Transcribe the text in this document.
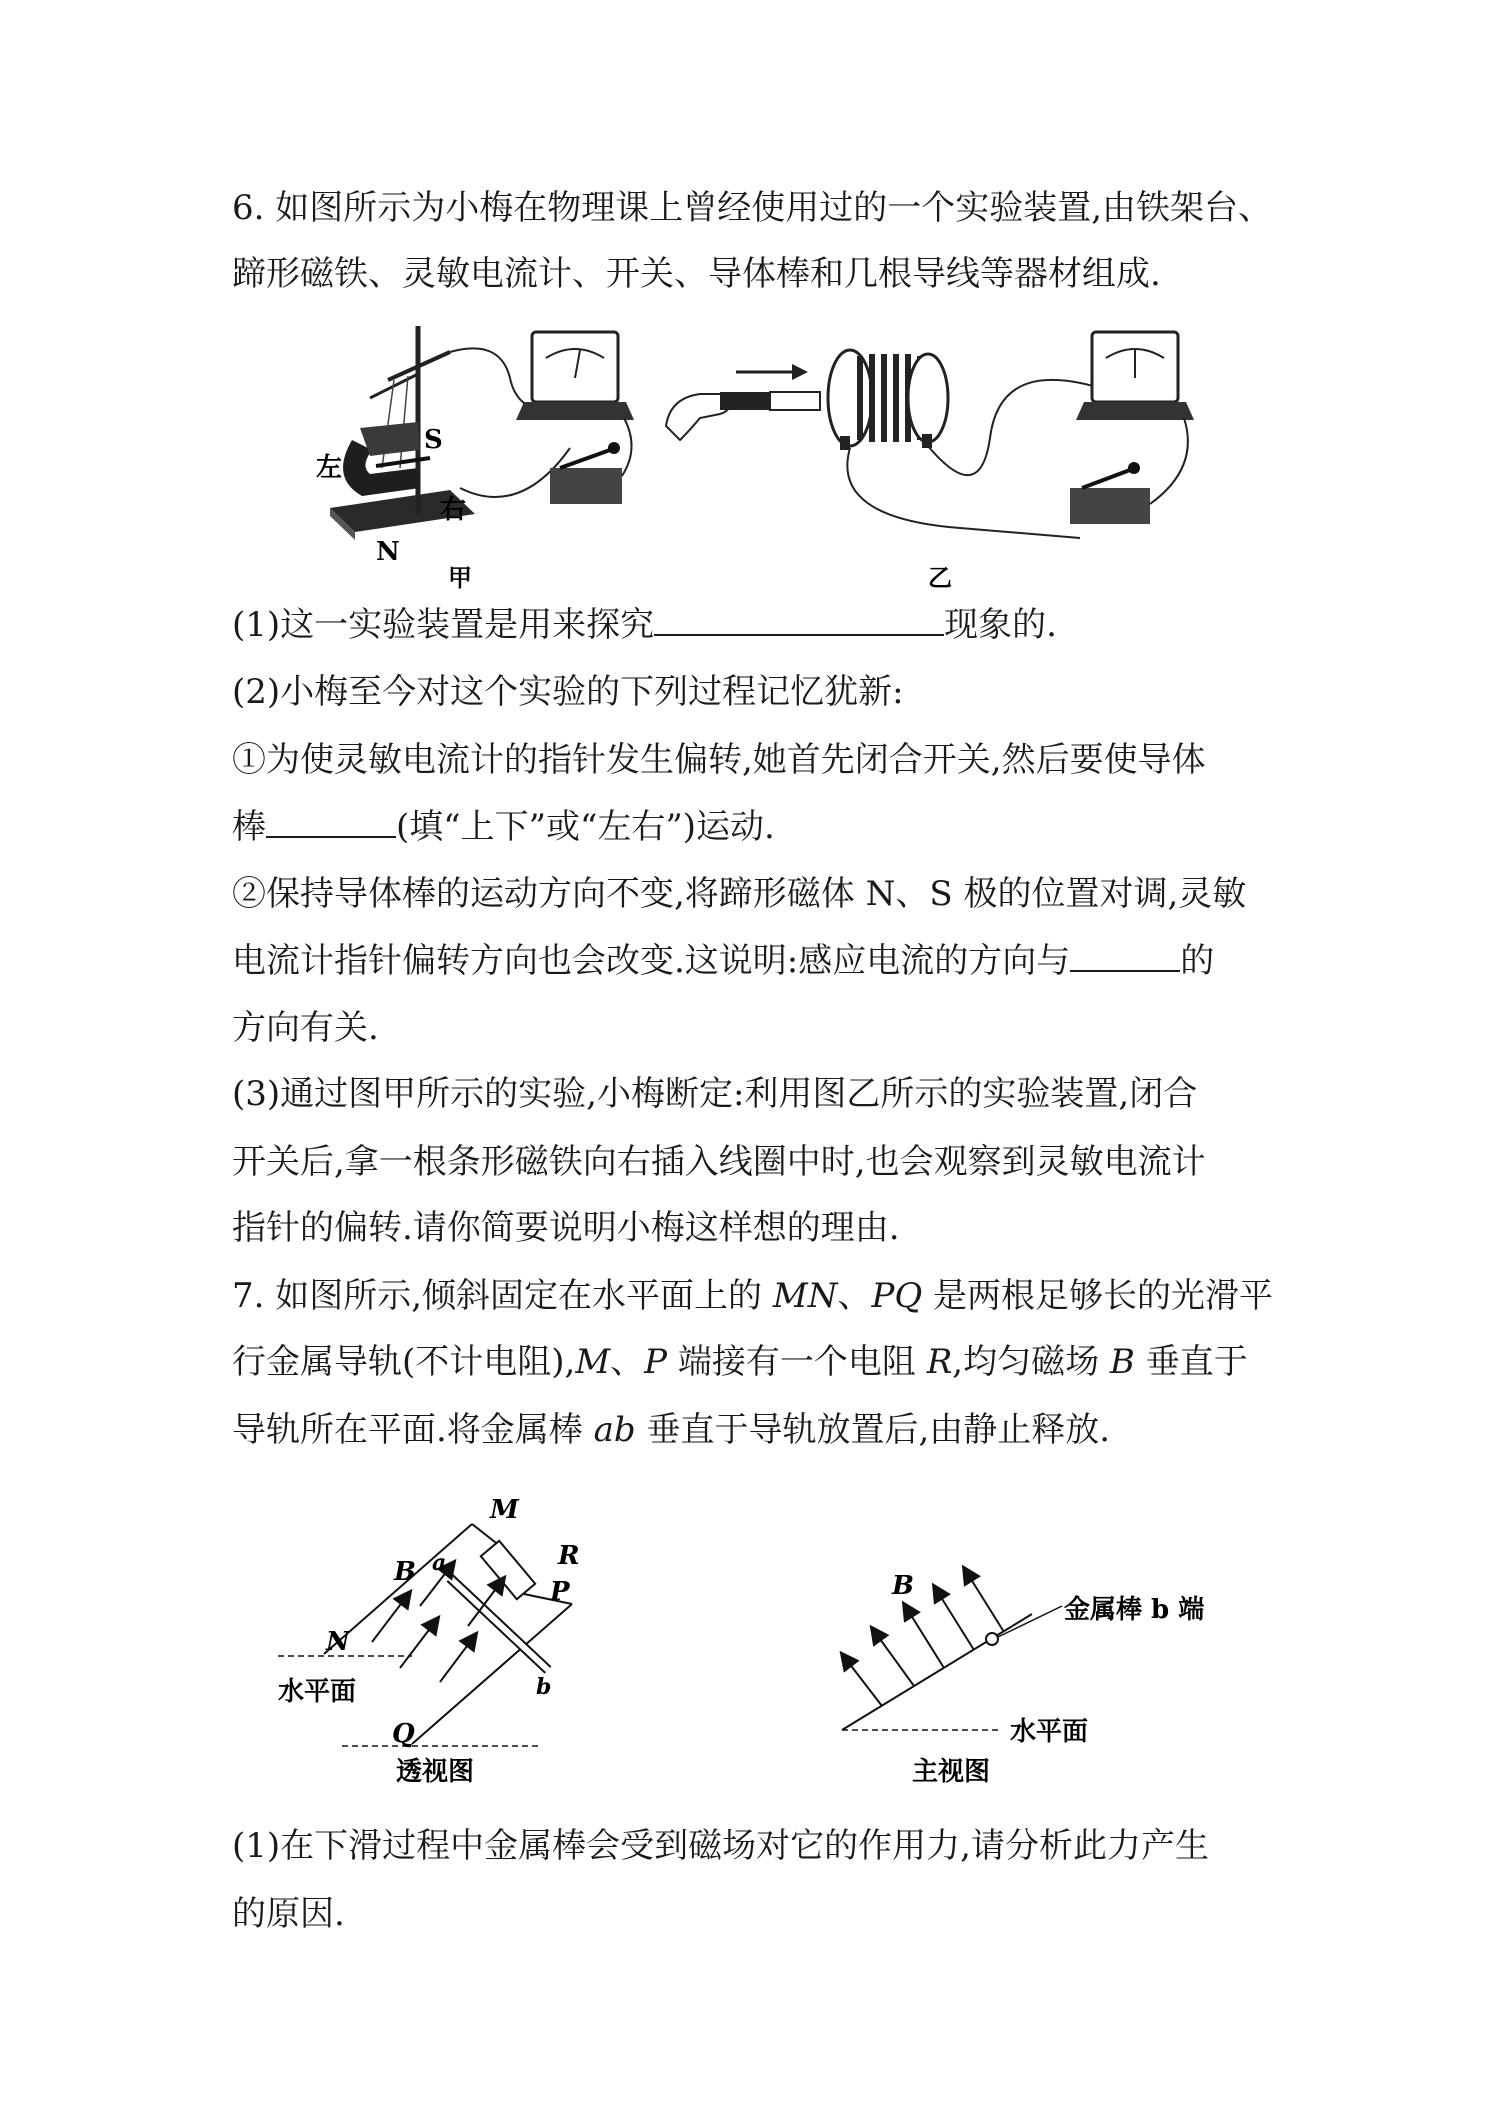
6. 如图所示为小梅在物理课上曾经使用过的一个实验装置,由铁架台、
蹄形磁铁、灵敏电流计、开关、导体棒和几根导线等器材组成.
左
S
右
N
甲	乙
(1)这一实验装置是用来探究	现象的.
(2)小梅至今对这个实验的下列过程记忆犹新:
①为使灵敏电流计的指针发生偏转,她首先闭合开关,然后要使导体
棒	(填“上下”或“左右”)运动.
②保持导体棒的运动方向不变,将蹄形磁体 N、S 极的位置对调,灵敏
电流计指针偏转方向也会改变.这说明:感应电流的方向与	的
方向有关.
(3)通过图甲所示的实验,小梅断定:利用图乙所示的实验装置,闭合
开关后,拿一根条形磁铁向右插入线圈中时,也会观察到灵敏电流计
指针的偏转.请你简要说明小梅这样想的理由.
7. 如图所示,倾斜固定在水平面上的 MN、PQ 是两根足够长的光滑平
行金属导轨(不计电阻),M、P 端接有一个电阻 R,均匀磁场 B 垂直于
导轨所在平面.将金属棒 ab 垂直于导轨放置后,由静止释放.
M
R
P
B a
N
b
水平面
Q
透视图
B
金属棒 b 端
水平面
主视图
(1)在下滑过程中金属棒会受到磁场对它的作用力,请分析此力产生
的原因.
